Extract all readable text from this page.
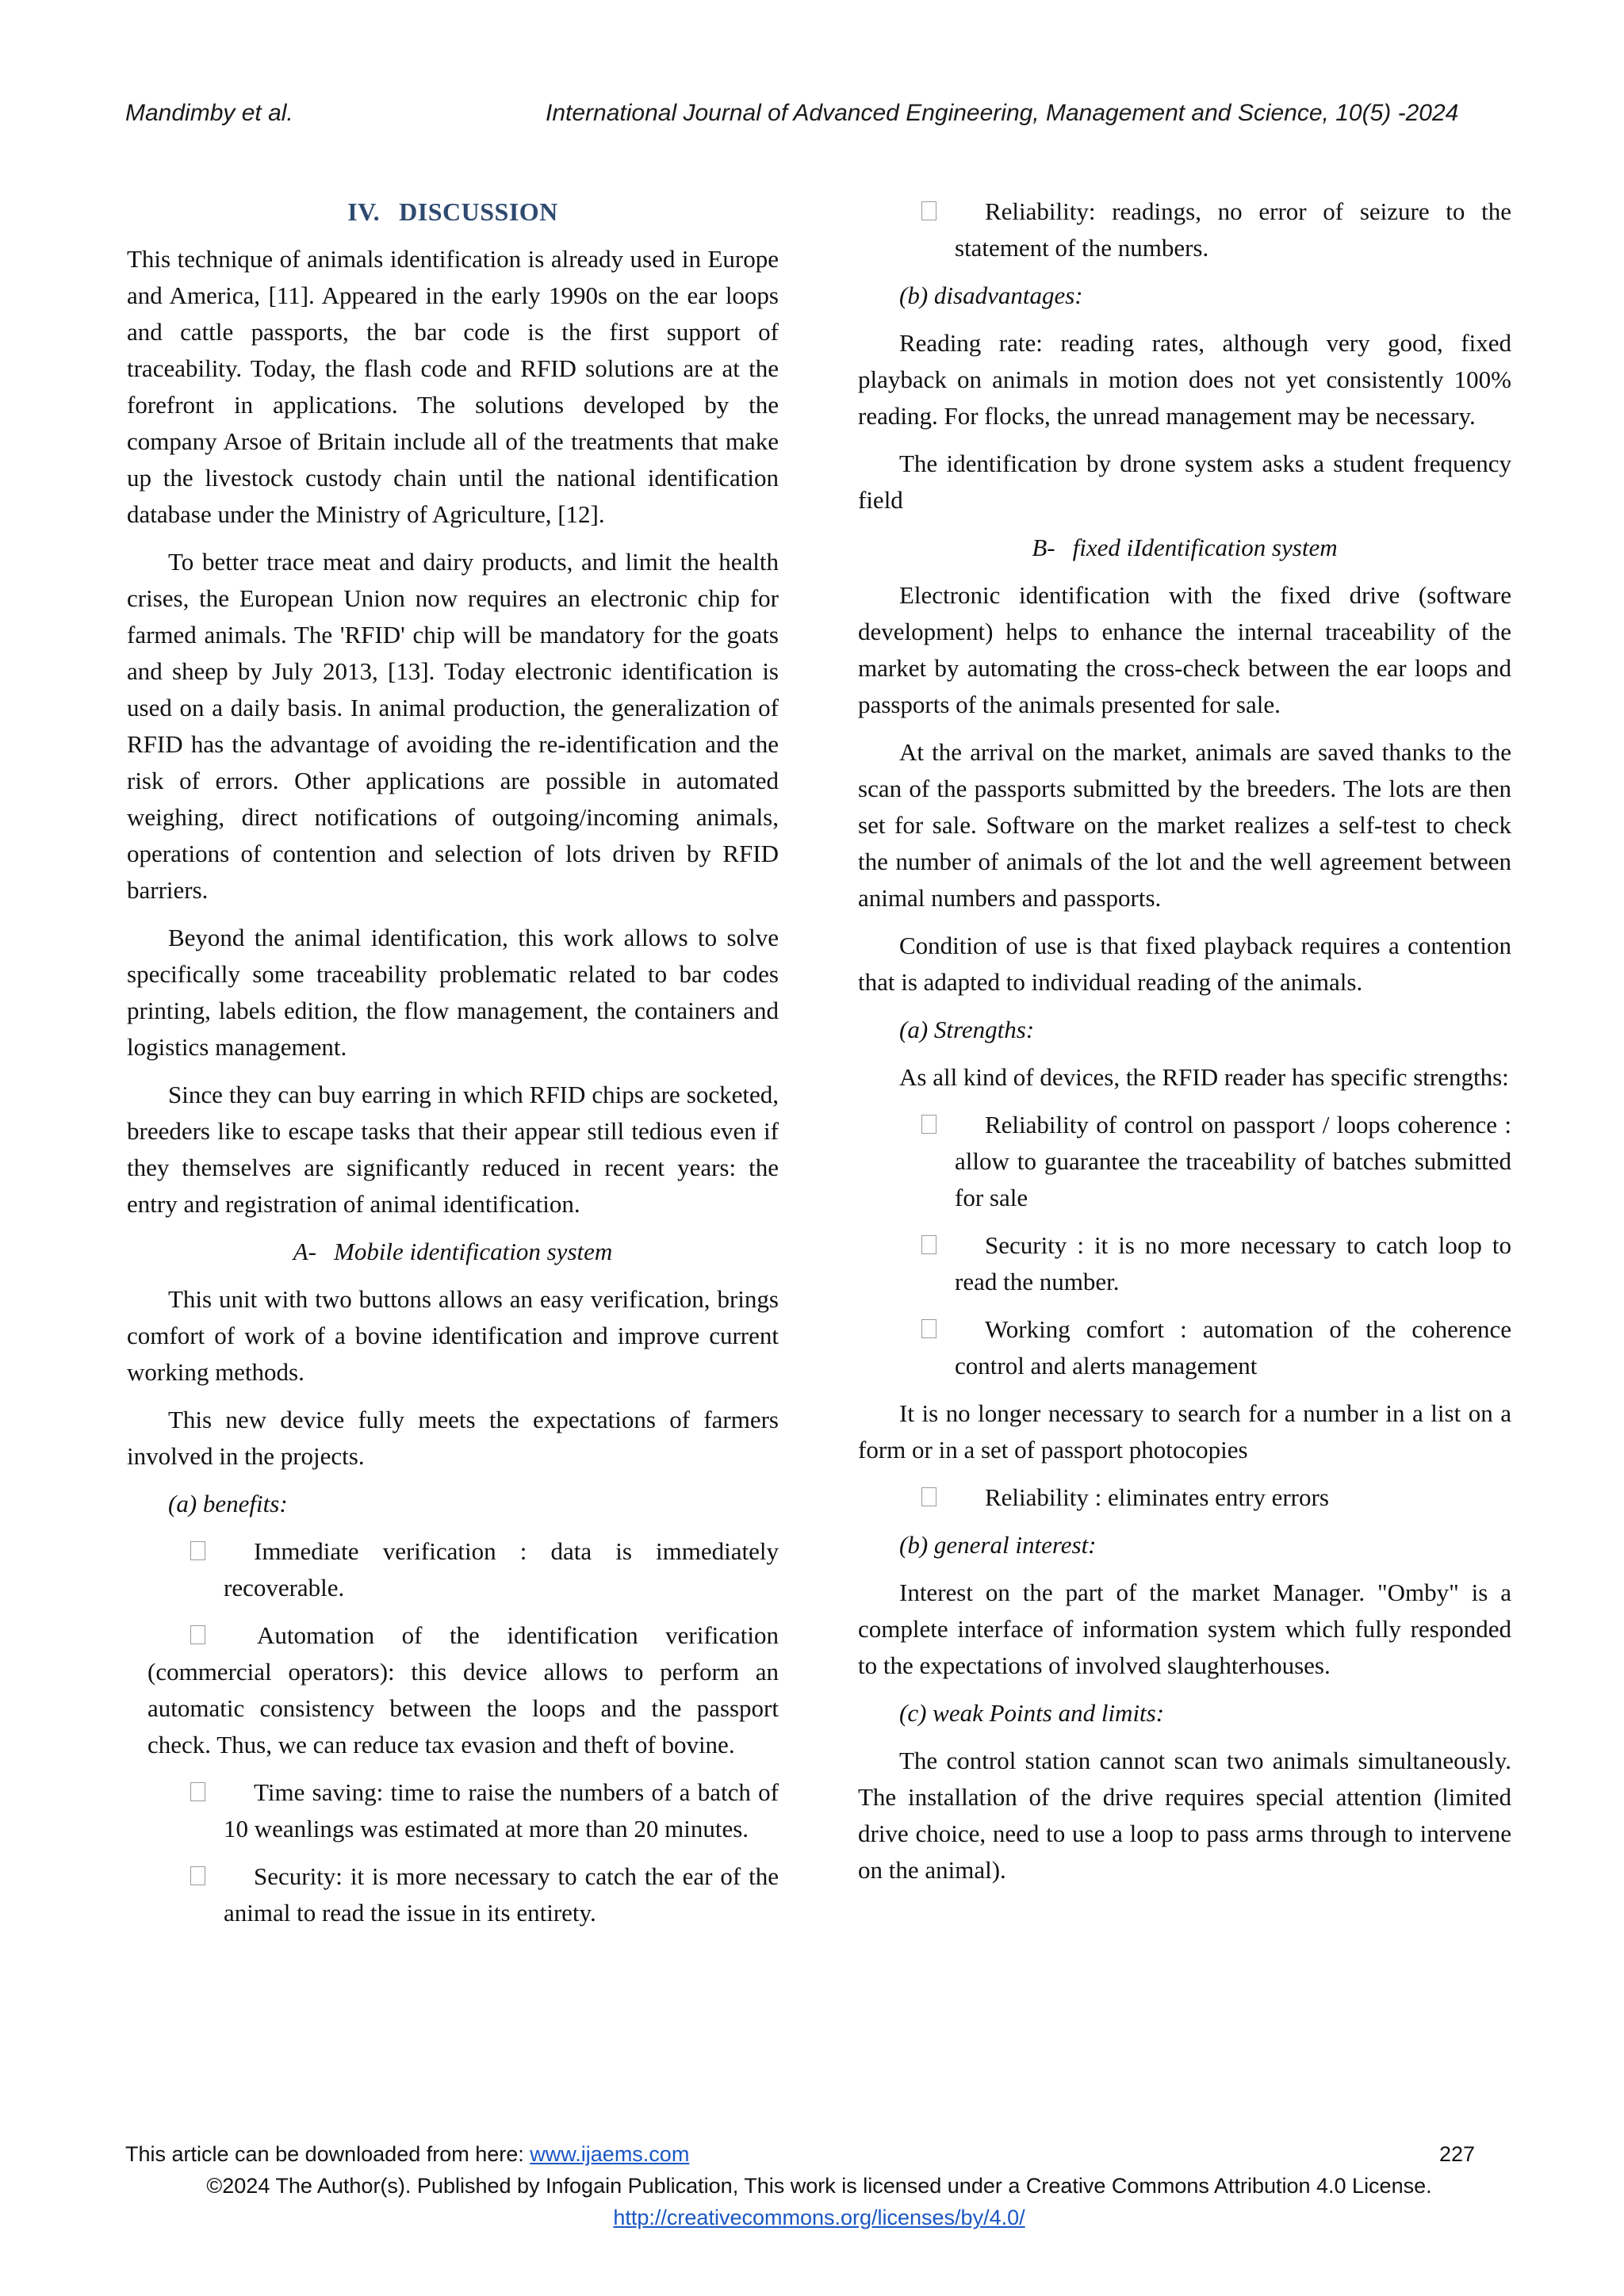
Mandimby et al.	International Journal of Advanced Engineering, Management and Science, 10(5) -2024
IV. DISCUSSION

This technique of animals identification is already used in Europe and America, [11]. Appeared in the early 1990s on the ear loops and cattle passports, the bar code is the first support of traceability. Today, the flash code and RFID solutions are at the forefront in applications. The solutions developed by the company Arsoe of Britain include all of the treatments that make up the livestock custody chain until the national identification database under the Ministry of Agriculture, [12].

To better trace meat and dairy products, and limit the health crises, the European Union now requires an electronic chip for farmed animals. The 'RFID' chip will be mandatory for the goats and sheep by July 2013, [13]. Today electronic identification is used on a daily basis. In animal production, the generalization of RFID has the advantage of avoiding the re-identification and the risk of errors. Other applications are possible in automated weighing, direct notifications of outgoing/incoming animals, operations of contention and selection of lots driven by RFID barriers.

Beyond the animal identification, this work allows to solve specifically some traceability problematic related to bar codes printing, labels edition, the flow management, the containers and logistics management.

Since they can buy earring in which RFID chips are socketed, breeders like to escape tasks that their appear still tedious even if they themselves are significantly reduced in recent years: the entry and registration of animal identification.

A- Mobile identification system

This unit with two buttons allows an easy verification, brings comfort of work of a bovine identification and improve current working methods.

This new device fully meets the expectations of farmers involved in the projects.

(a) benefits:
Immediate verification : data is immediately recoverable.
Automation of the identification verification (commercial operators): this device allows to perform an automatic consistency between the loops and the passport check. Thus, we can reduce tax evasion and theft of bovine.
Time saving: time to raise the numbers of a batch of 10 weanlings was estimated at more than 20 minutes.
Security: it is more necessary to catch the ear of the animal to read the issue in its entirety.
Reliability: readings, no error of seizure to the statement of the numbers.
(b) disadvantages:

Reading rate: reading rates, although very good, fixed playback on animals in motion does not yet consistently 100% reading. For flocks, the unread management may be necessary.

The identification by drone system asks a student frequency field

B- fixed iIdentification system

Electronic identification with the fixed drive (software development) helps to enhance the internal traceability of the market by automating the cross-check between the ear loops and passports of the animals presented for sale.

At the arrival on the market, animals are saved thanks to the scan of the passports submitted by the breeders. The lots are then set for sale. Software on the market realizes a self-test to check the number of animals of the lot and the well agreement between animal numbers and passports.

Condition of use is that fixed playback requires a contention that is adapted to individual reading of the animals.

(a) Strengths:

As all kind of devices, the RFID reader has specific strengths:

Reliability of control on passport / loops coherence : allow to guarantee the traceability of batches submitted for sale
Security : it is no more necessary to catch loop to read the number.
Working comfort : automation of the coherence control and alerts management

It is no longer necessary to search for a number in a list on a form or in a set of passport photocopies

Reliability : eliminates entry errors
(b) general interest:

Interest on the part of the market Manager. "Omby" is a complete interface of information system which fully responded to the expectations of involved slaughterhouses.

(c) weak Points and limits:

The control station cannot scan two animals simultaneously. The installation of the drive requires special attention (limited drive choice, need to use a loop to pass arms through to intervene on the animal).

This article can be downloaded from here: www.ijaems.com	227
©2024 The Author(s). Published by Infogain Publication, This work is licensed under a Creative Commons Attribution 4.0 License.
http://creativecommons.org/licenses/by/4.0/
